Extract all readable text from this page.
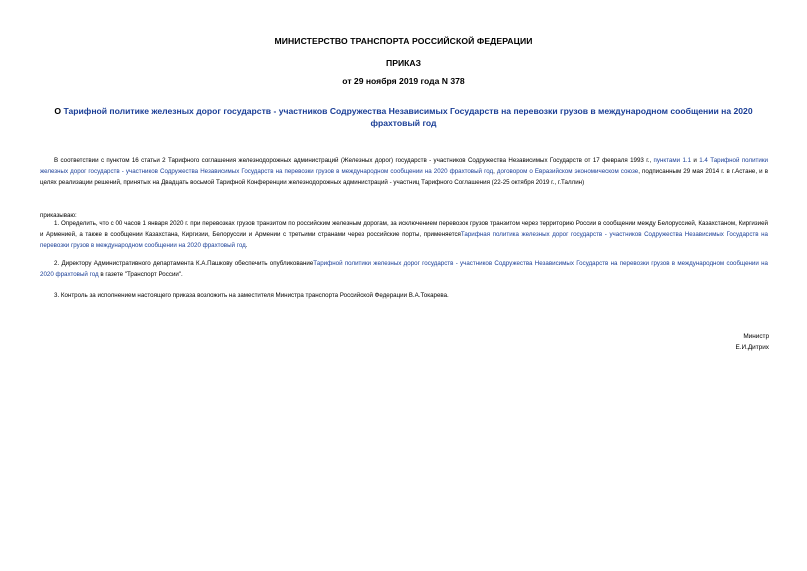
МИНИСТЕРСТВО ТРАНСПОРТА РОССИЙСКОЙ ФЕДЕРАЦИИ
ПРИКАЗ
от 29 ноября 2019 года N 378
О Тарифной политике железных дорог государств - участников Содружества Независимых Государств на перевозки грузов в международном сообщении на 2020 фрахтовый год
В соответствии с пунктом 16 статьи 2 Тарифного соглашения железнодорожных администраций (Железных дорог) государств - участников Содружества Независимых Государств от 17 февраля 1993 г., пунктами 1.1 и 1.4 Тарифной политики железных дорог государств - участников Содружества Независимых Государств на перевозки грузов в международном сообщении на 2020 фрахтовый год, договором о Евразийском экономическом союзе, подписанным 29 мая 2014 г. в г.Астане, и в целях реализации решений, принятых на Двадцать восьмой Тарифной Конференции железнодорожных администраций - участниц Тарифного Соглашения (22-25 октября 2019 г., г.Таллин)
приказываю:
1. Определить, что с 00 часов 1 января 2020 г. при перевозках грузов транзитом по российским железным дорогам, за исключением перевозок грузов транзитом через территорию России в сообщении между Белоруссией, Казахстаном, Киргизией и Арменией, а также в сообщении Казахстана, Киргизии, Белоруссии и Армении с третьими странами через российские порты, применяетсяТарифная политика железных дорог государств - участников Содружества Независимых Государств на перевозки грузов в международном сообщении на 2020 фрахтовый год.
2. Директору Административного департамента К.А.Пашкову обеспечить опубликованиеТарифной политики железных дорог государств - участников Содружества Независимых Государств на перевозки грузов в международном сообщении на 2020 фрахтовый год в газете "Транспорт России".
3. Контроль за исполнением настоящего приказа возложить на заместителя Министра транспорта Российской Федерации В.А.Токарева.
Министр
Е.И.Дитрих
